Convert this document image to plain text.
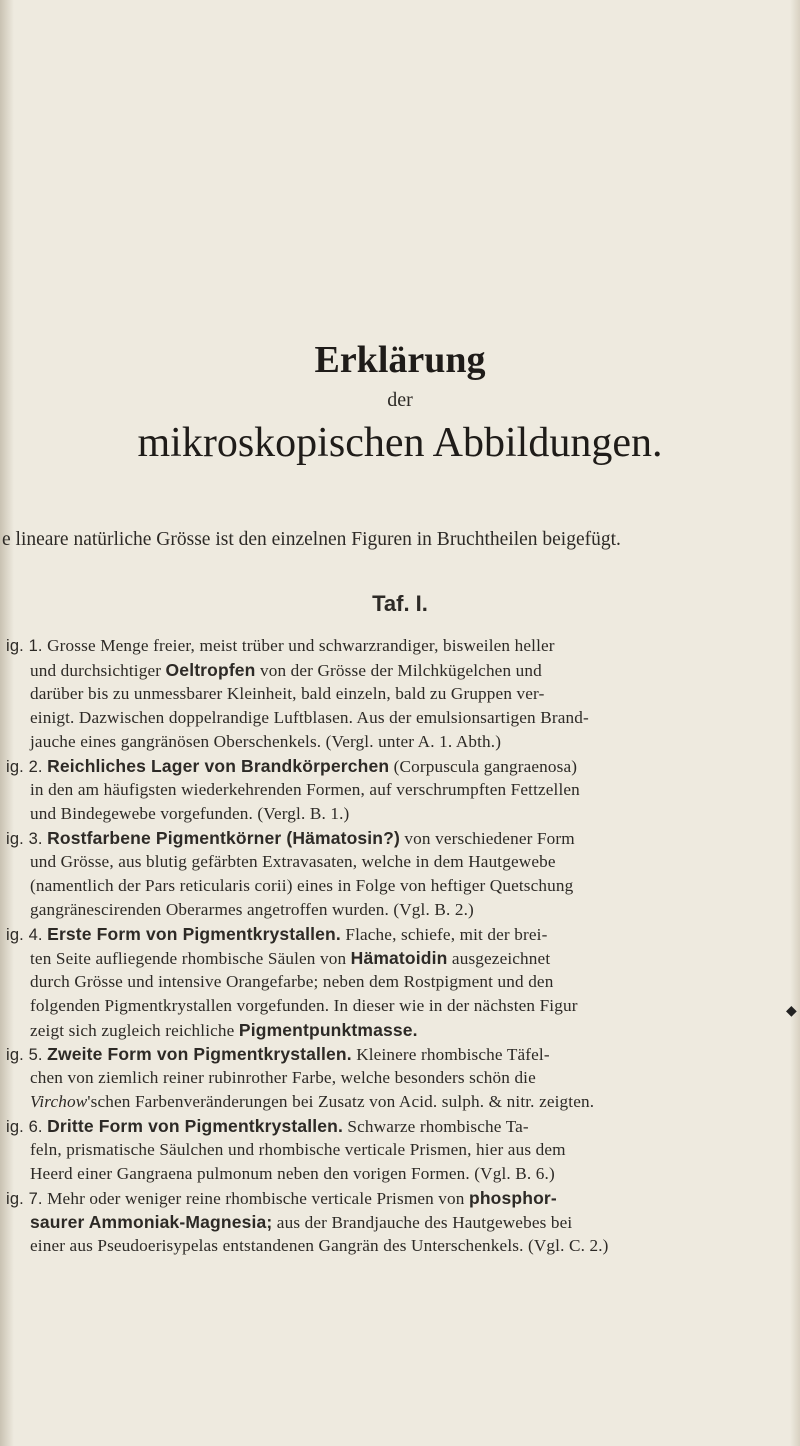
Erklärung
der
mikroskopischen Abbildungen.
e lineare natürliche Grösse ist den einzelnen Figuren in Bruchtheilen beigefügt.
Taf. I.
ig. 1. Grosse Menge freier, meist trüber und schwarzrandiger, bisweilen heller
und durchsichtiger Oeltropfen von der Grösse der Milchkügelchen und
darüber bis zu unmessbarer Kleinheit, bald einzeln, bald zu Gruppen ver-
einigt. Dazwischen doppelrandige Luftblasen. Aus der emulsionsartigen Brand-
jauche eines gangränösen Oberschenkels. (Vergl. unter A. 1. Abth.)
ig. 2. Reichliches Lager von Brandkörperchen (Corpuscula gangraenosa)
in den am häufigsten wiederkehrenden Formen, auf verschrumpften Fettzellen
und Bindegewebe vorgefunden. (Vergl. B. 1.)
ig. 3. Rostfarbene Pigmentkörner (Hämatosin?) von verschiedener Form
und Grösse, aus blutig gefärbten Extravasaten, welche in dem Hautgewebe
(namentlich der Pars reticularis corii) eines in Folge von heftiger Quetschung
gangränescirenden Oberarmes angetroffen wurden. (Vgl. B. 2.)
ig. 4. Erste Form von Pigmentkrystallen. Flache, schiefe, mit der brei-
ten Seite aufliegende rhombische Säulen von Hämatoidin ausgezeichnet
durch Grösse und intensive Orangefarbe; neben dem Rostpigment und den
folgenden Pigmentkrystallen vorgefunden. In dieser wie in der nächsten Figur
zeigt sich zugleich reichliche Pigmentpunktmasse.
ig. 5. Zweite Form von Pigmentkrystallen. Kleinere rhombische Täfel-
chen von ziemlich reiner rubinrother Farbe, welche besonders schön die
Virchow'schen Farbenveränderungen bei Zusatz von Acid. sulph. & nitr. zeigten.
ig. 6. Dritte Form von Pigmentkrystallen. Schwarze rhombische Ta-
feln, prismatische Säulchen und rhombische verticale Prismen, hier aus dem
Heerd einer Gangraena pulmonum neben den vorigen Formen. (Vgl. B. 6.)
ig. 7. Mehr oder weniger reine rhombische verticale Prismen von phosphor-
saurer Ammoniak-Magnesia; aus der Brandjauche des Hautgewebes bei
einer aus Pseudoerisypelas entstandenen Gangrän des Unterschenkels. (Vgl. C. 2.)
◆
